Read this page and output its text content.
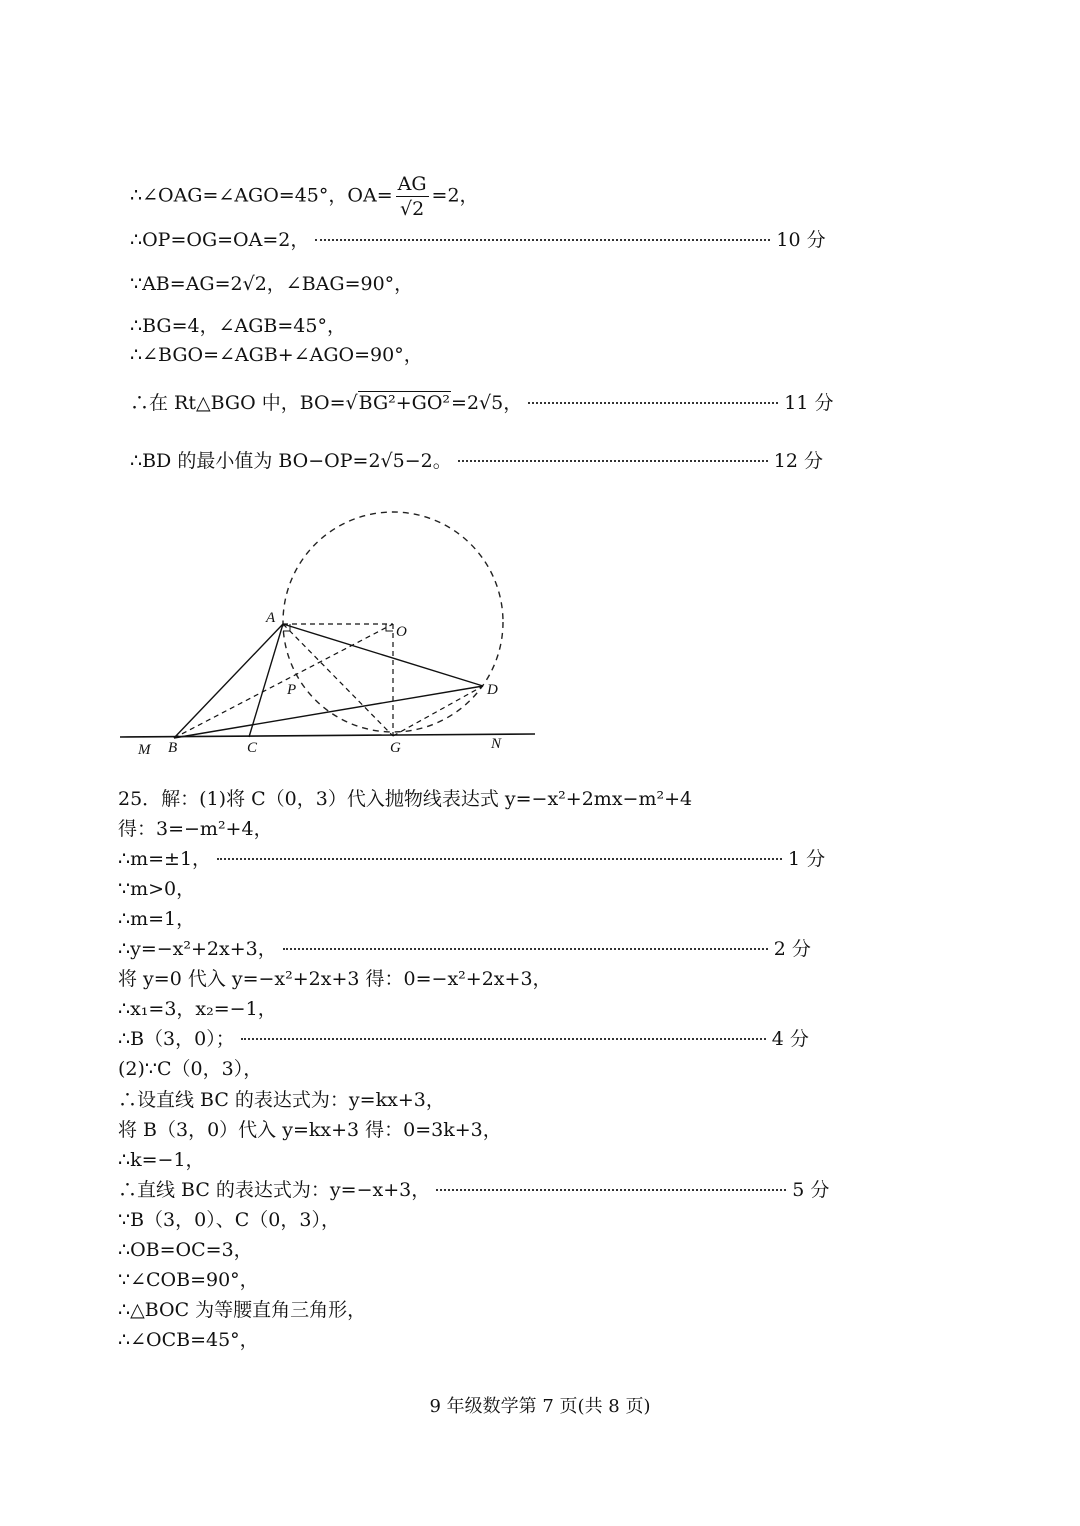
∴∠OAG=∠AGO=45°，$OA= \frac{AG}{√2} =2$，
∴OP=OG=OA=2，	10 分
∵AB=AG=2√2，∠BAG=90°，
∴BG=4，∠AGB=45°，
∴∠BGO=∠AGB+∠AGO=90°，
∴在 Rt△BGO 中，BO=√BG²+GO²=2√5，	11 分
∴BD 的最小值为 BO−OP=2√5−2。	12 分
A
O
P	D
M B	C	G	N
25．解：(1)将 C（0，3）代入抛物线表达式 y=−x²+2mx−m²+4
得：3=−m²+4，
∴m=±1，	1 分
∵m>0，
∴m=1，
∴y=−x²+2x+3，	2 分
将 y=0 代入 y=−x²+2x+3 得：0=−x²+2x+3，
∴x₁=3，x₂=−1，
∴B（3，0）；	4 分
(2)∵C（0，3），
∴设直线 BC 的表达式为：y=kx+3，
将 B（3，0）代入 y=kx+3 得：0=3k+3，
∴k=−1，
∴直线 BC 的表达式为：y=−x+3，	5 分
∵B（3，0）、C（0，3），
∴OB=OC=3，
∵∠COB=90°，
∴△BOC 为等腰直角三角形，
∴∠OCB=45°，
9 年级数学第 7 页(共 8 页)
